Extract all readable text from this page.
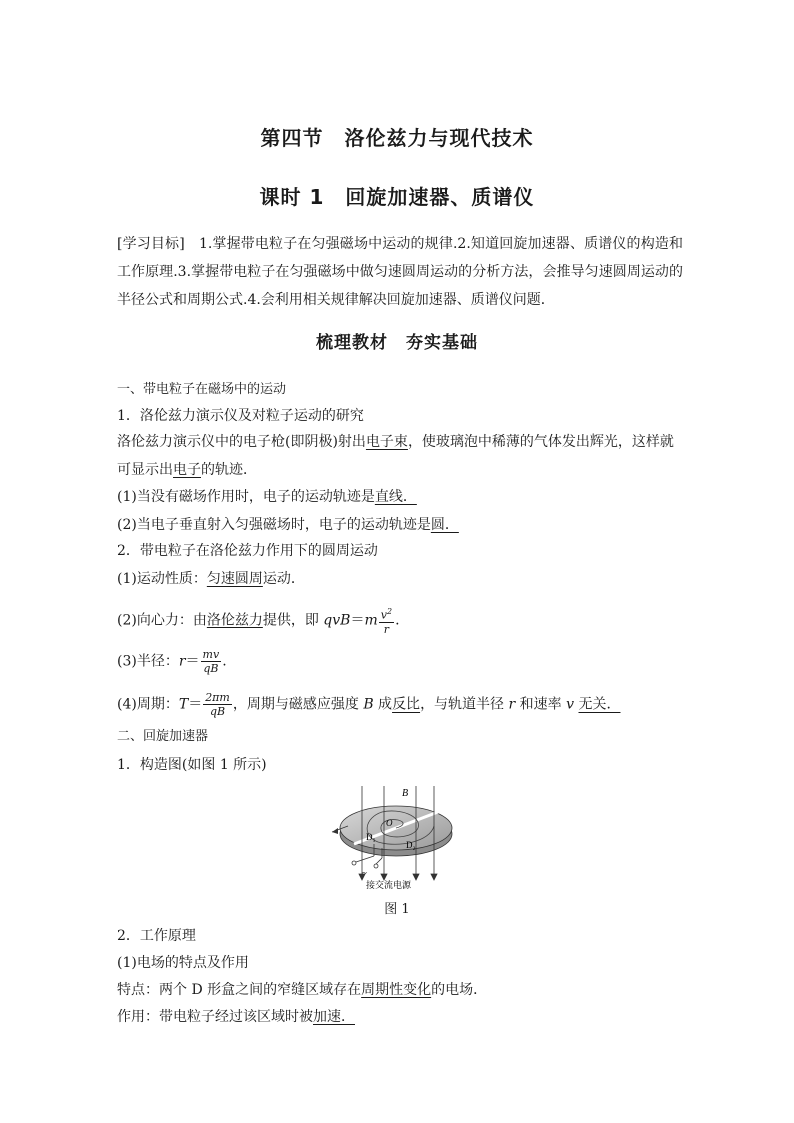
第四节　洛伦兹力与现代技术
课时 1　回旋加速器、质谱仪
[学习目标]　1.掌握带电粒子在匀强磁场中运动的规律.2.知道回旋加速器、质谱仪的构造和工作原理.3.掌握带电粒子在匀强磁场中做匀速圆周运动的分析方法，会推导匀速圆周运动的半径公式和周期公式.4.会利用相关规律解决回旋加速器、质谱仪问题．
梳理教材　夯实基础
一、带电粒子在磁场中的运动
1．洛伦兹力演示仪及对粒子运动的研究
洛伦兹力演示仪中的电子枪(即阴极)射出电子束，使玻璃泡中稀薄的气体发出辉光，这样就
可显示出电子的轨迹．
(1)当没有磁场作用时，电子的运动轨迹是直线．
(2)当电子垂直射入匀强磁场时，电子的运动轨迹是圆．
2．带电粒子在洛伦兹力作用下的圆周运动
(1)运动性质：匀速圆周运动．
(2)向心力：由洛伦兹力提供，即 $qvB=m \frac{v^2}{r}$ .
(3)半径：$r= \frac{mv}{qB}$ .
(4)周期：$T= \frac{2\pi m}{qB}$ ，周期与磁感应强度 B 成反比，与轨道半径 r 和速率 v 无关．
二、回旋加速器
1．构造图(如图 1 所示)
B
O
D₁
D₂
~
接交流电源
图 1
2．工作原理
(1)电场的特点及作用
特点：两个 D 形盒之间的窄缝区域存在周期性变化的电场．
作用：带电粒子经过该区域时被加速．
